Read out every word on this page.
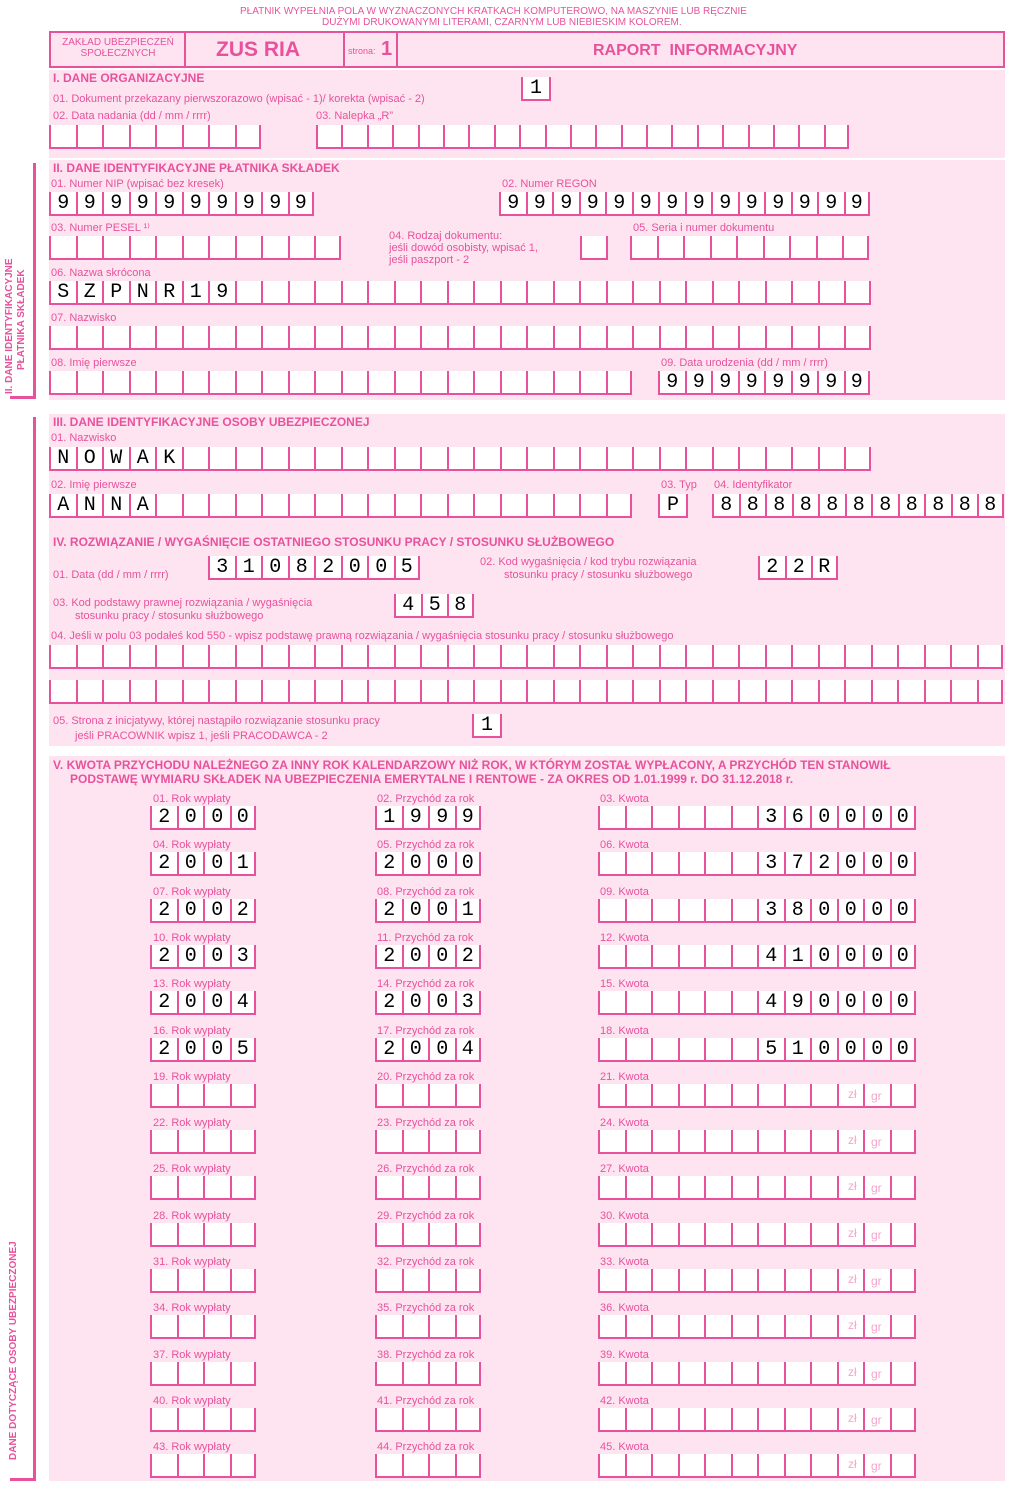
PŁATNIK WYPEŁNIA POLA W WYZNACZONYCH KRATKACH KOMPUTEROWO, NA MASZYNIE LUB RĘCZNIE
DUŻYMI DRUKOWANYMI LITERAMI, CZARNYM LUB NIEBIESKIM KOLOREM.
ZAKŁAD UBEZPIECZEŃ SPOŁECZNYCH	ZUS RIA	strona: 1	RAPORT  INFORMACYJNY
I. DANE ORGANIZACYJNE
01. Dokument przekazany pierwszorazowo (wpisać - 1)/ korekta (wpisać - 2)	1
02. Data nadania (dd / mm / rrrr)	03. Nalepka „R”
II. DANE IDENTYFIKACYJNE PŁATNIKA SKŁADEK
II. DANE IDENTYFIKACYJNE PŁATNIKA SKŁADEK
01. Numer NIP (wpisać bez kresek)
9 9 9 9 9 9 9 9 9 9
02. Numer REGON
9 9 9 9 9 9 9 9 9 9 9 9 9 9
03. Numer PESEL ¹⁾
04. Rodzaj dokumentu:
jeśli dowód osobisty, wpisać 1,
jeśli paszport - 2
05. Seria i numer dokumentu
06. Nazwa skrócona
S Z P N R 1 9
07. Nazwisko
08. Imię pierwsze	09. Data urodzenia (dd / mm / rrrr)
9 9 9 9 9 9 9 9
DANE DOTYCZĄCE OSOBY UBEZPIECZONEJ
III. DANE IDENTYFIKACYJNE OSOBY UBEZPIECZONEJ
01. Nazwisko
N O W A K
02. Imię pierwsze
A N N A
03. Typ
P
04. Identyfikator
8 8 8 8 8 8 8 8 8 8 8
IV. ROZWIĄZANIE / WYGAŚNIĘCIE OSTATNIEGO STOSUNKU PRACY / STOSUNKU SŁUŻBOWEGO
01. Data (dd / mm / rrrr)	3 1 0 8 2 0 0 5	02. Kod wygaśnięcia / kod trybu rozwiązania
stosunku pracy / stosunku służbowego	2 2 R
03. Kod podstawy prawnej rozwiązania / wygaśnięcia
stosunku pracy / stosunku służbowego	4 5 8
04. Jeśli w polu 03 podałeś kod 550 - wpisz podstawę prawną rozwiązania / wygaśnięcia stosunku pracy / stosunku służbowego
05. Strona z inicjatywy, której nastąpiło rozwiązanie stosunku pracy
jeśli PRACOWNIK wpisz 1, jeśli PRACODAWCA - 2	1
V. KWOTA PRZYCHODU NALEŻNEGO ZA INNY ROK KALENDARZOWY NIŻ ROK, W KTÓRYM ZOSTAŁ WYPŁACONY, A PRZYCHÓD TEN STANOWIŁ
PODSTAWĘ WYMIARU SKŁADEK NA UBEZPIECZENIA EMERYTALNE I RENTOWE - ZA OKRES OD 1.01.1999 r. DO 31.12.2018 r.
01. Rok wypłaty	02. Przychód za rok	03. Kwota
2 0 0 0	1 9 9 9	3 6 0 0 0 0
04. Rok wypłaty	05. Przychód za rok	06. Kwota
2 0 0 1	2 0 0 0	3 7 2 0 0 0
07. Rok wypłaty	08. Przychód za rok	09. Kwota
2 0 0 2	2 0 0 1	3 8 0 0 0 0
10. Rok wypłaty	11. Przychód za rok	12. Kwota
2 0 0 3	2 0 0 2	4 1 0 0 0 0
13. Rok wypłaty	14. Przychód za rok	15. Kwota
2 0 0 4	2 0 0 3	4 9 0 0 0 0
16. Rok wypłaty	17. Przychód za rok	18. Kwota
2 0 0 5	2 0 0 4	5 1 0 0 0 0
19. Rok wypłaty	20. Przychód za rok	21. Kwota
zł gr
22. Rok wypłaty	23. Przychód za rok	24. Kwota
zł gr
25. Rok wypłaty	26. Przychód za rok	27. Kwota
zł gr
28. Rok wypłaty	29. Przychód za rok	30. Kwota
zł gr
31. Rok wypłaty	32. Przychód za rok	33. Kwota
zł gr
34. Rok wypłaty	35. Przychód za rok	36. Kwota
zł gr
37. Rok wypłaty	38. Przychód za rok	39. Kwota
zł gr
40. Rok wypłaty	41. Przychód za rok	42. Kwota
zł gr
43. Rok wypłaty	44. Przychód za rok	45. Kwota
zł gr
